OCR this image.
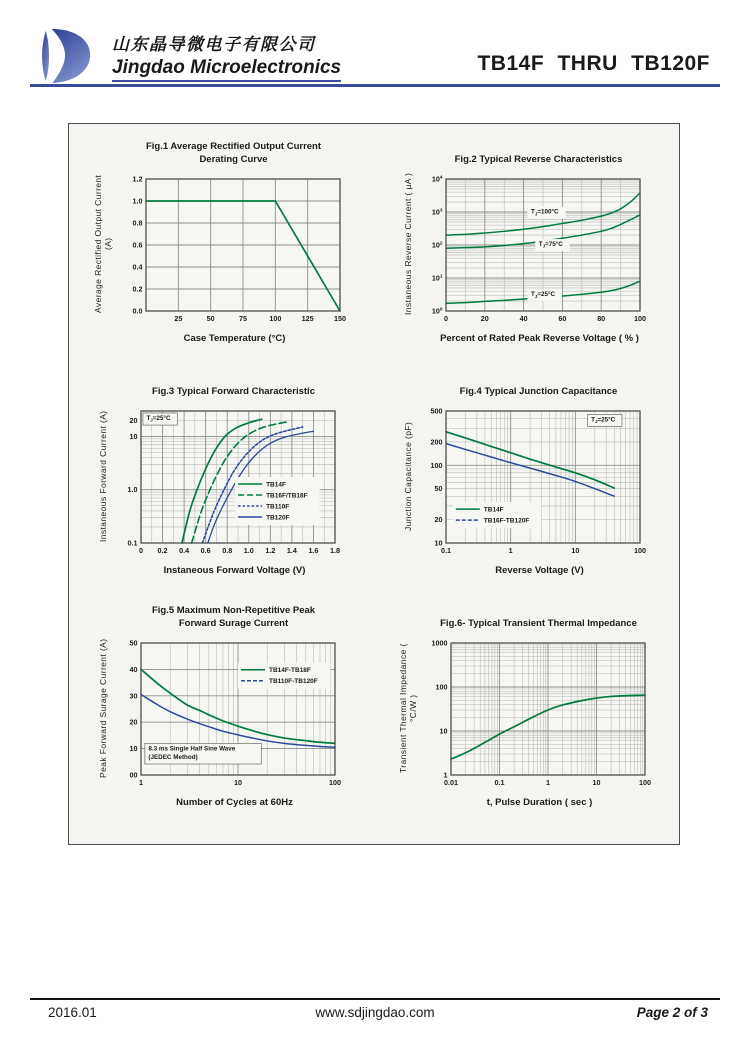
山东晶导微电子有限公司
Jingdao Microelectronics	TB14F THRU TB120F
Fig.1 Average Rectified Output Current
Derating Curve
Average Rectified Output Current (A)
25	50	75	100	125	150
0.0
0.2
0.4
0.6
0.8
1.0
1.2
Case Temperature (°C)
Fig.2 Typical Reverse Characteristics
Instaneous Reverse Current ( μA )	$T_J=100^\circ C$
$T_J=75^\circ C$
$T_J=25^\circ C$
0	20	40	60	80	100
$10^0$
$10^1$
$10^2$
$10^3$
$10^4$
Percent of Rated Peak Reverse Voltage ( % )
Fig.3 Typical Forward Characteristic
Instaneous Forward Current (A)	TB14F
TB16F/TB18F
TB110F
TB120F
$T_J=25^\circ C$
0 0.2 0.4 0.6 0.8 1.0 1.2 1.4 1.6 1.8
0.1
1.0
10
20
Instaneous Forward Voltage (V)
Fig.4 Typical Junction Capacitance
Junction Capacitance (pF)	TB14F
TB16F-TB120F
$T_J=25^\circ C$
0.1	1	10	100
10
20
50
100
200
500
Reverse Voltage (V)
Fig.5 Maximum Non-Repetitive Peak
Forward Surage Current
Peak Forward Surage Current (A)	TB14F-TB18F
TB110F-TB120F
8.3 ms Single Half Sine Wave
(JEDEC Method)
1	10	100
00
10
20
30
40
50
Number of Cycles at 60Hz
Fig.6- Typical Transient Thermal Impedance
Transient Thermal Impedance ( °C/W )
0.01	0.1	1	10	100
1
10
100
1000
t, Pulse Duration ( sec )
2016.01	www.sdjingdao.com	Page 2 of 3
